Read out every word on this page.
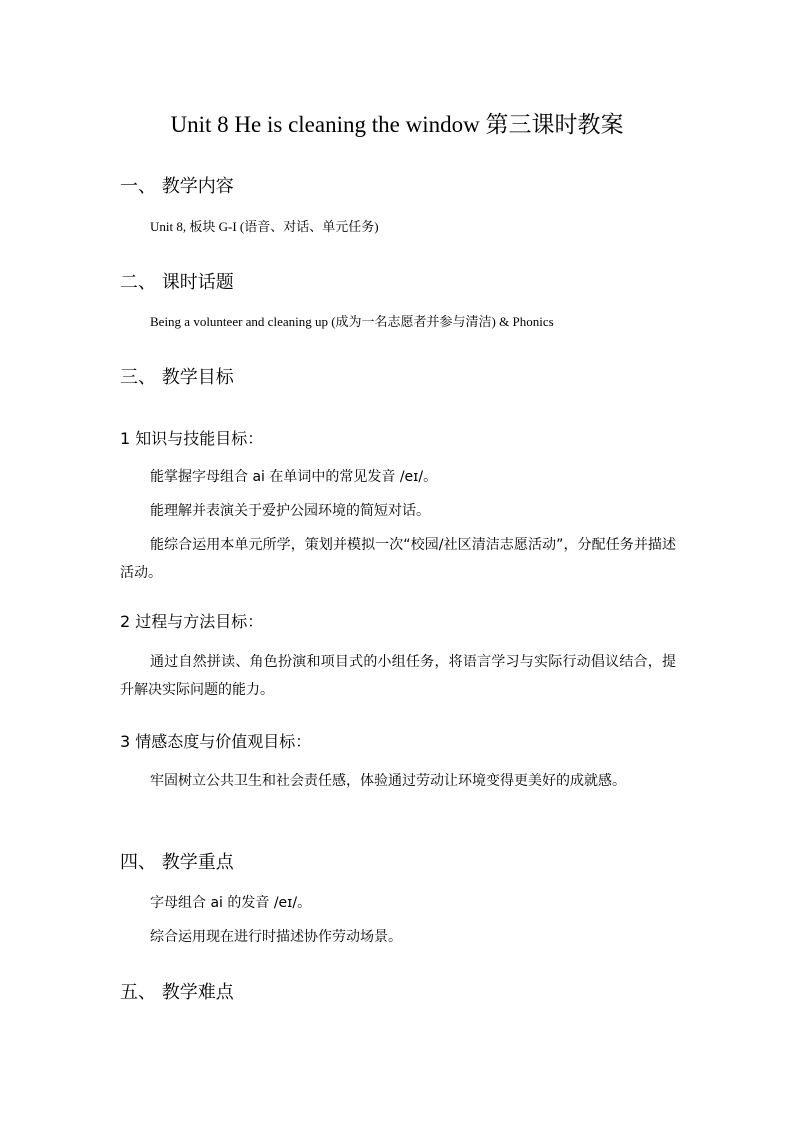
Unit 8 He is cleaning the window 第三课时教案
一、 教学内容

Unit 8, 板块 G-I (语音、对话、单元任务)

二、 课时话题

Being a volunteer and cleaning up (成为一名志愿者并参与清洁) & Phonics

三、 教学目标
1 知识与技能目标：

能掌握字母组合 ai 在单词中的常见发音 /eɪ/。

能理解并表演关于爱护公园环境的简短对话。

能综合运用本单元所学，策划并模拟一次“校园/社区清洁志愿活动”，分配任务并描述活动。

2 过程与方法目标：

通过自然拼读、角色扮演和项目式的小组任务，将语言学习与实际行动倡议结合，提升解决实际问题的能力。

3 情感态度与价值观目标：

牢固树立公共卫生和社会责任感，体验通过劳动让环境变得更美好的成就感。

四、 教学重点

字母组合 ai 的发音 /eɪ/。

综合运用现在进行时描述协作劳动场景。

五、 教学难点
